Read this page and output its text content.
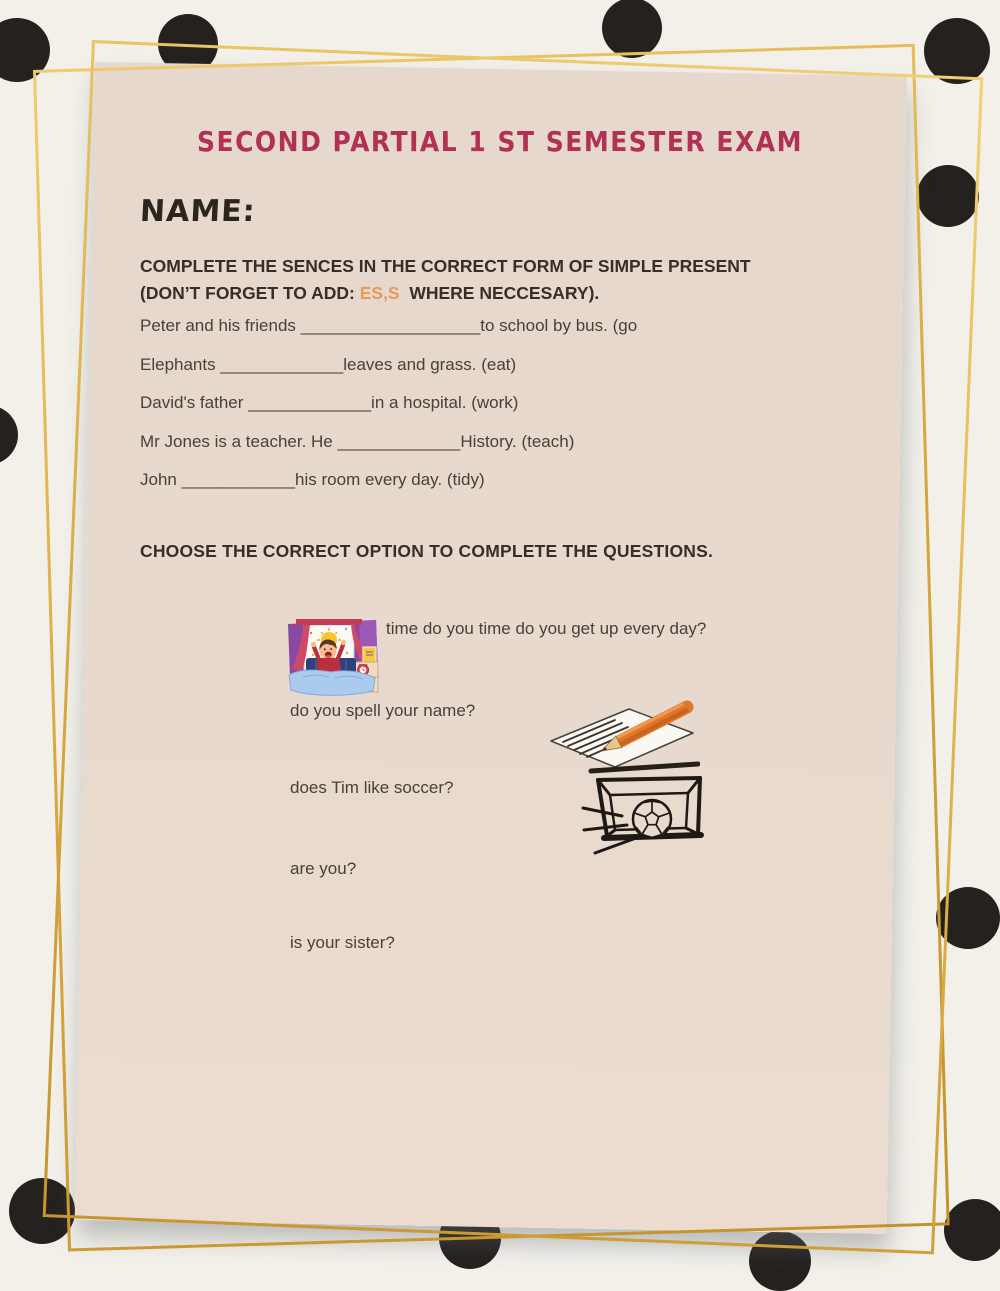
SECOND PARTIAL 1 ST SEMESTER EXAM
NAME:

COMPLETE THE SENCES IN THE CORRECT FORM OF SIMPLE PRESENT (DON’T FORGET TO ADD: ES,S  WHERE NECCESARY).

Peter and his friends ___________________to school by bus. (go

Elephants _____________leaves and grass. (eat)

David's father _____________in a hospital. (work)

Mr Jones is a teacher. He _____________History. (teach)

John ____________his room every day. (tidy)

CHOOSE THE CORRECT OPTION TO COMPLETE THE QUESTIONS.

time do you time do you get up every day?

do you spell your name?

does Tim like soccer?

are you?

is your sister?
